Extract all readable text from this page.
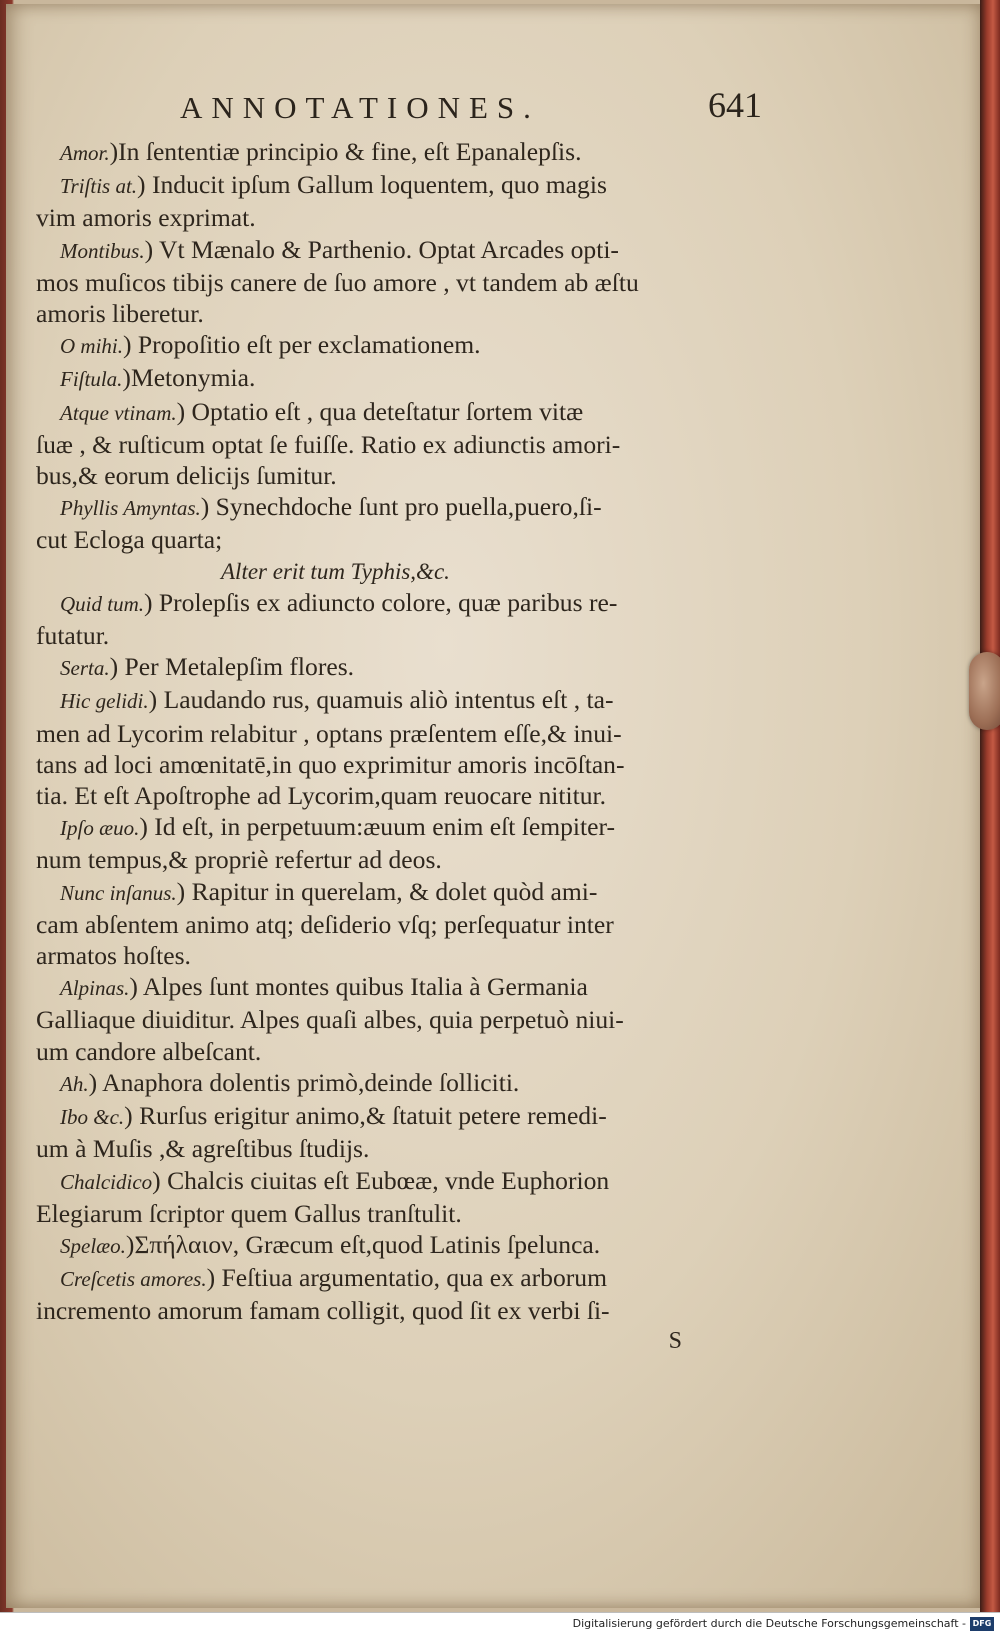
ANNOTATIONES.	641
Amor.)In ſententiæ principio & fine, eſt Epanalepſis.
Triſtis at.) Inducit ipſum Gallum loquentem, quo magis
vim amoris exprimat.
Montibus.) Vt Mænalo & Parthenio. Optat Arcades opti-
mos muſicos tibijs canere de ſuo amore , vt tandem ab æſtu
amoris liberetur.
O mihi.) Propoſitio eſt per exclamationem.
Fiſtula.)Metonymia.
Atque vtinam.) Optatio eſt , qua deteſtatur ſortem vitæ
ſuæ , & ruſticum optat ſe fuiſſe. Ratio ex adiunctis amori-
bus,& eorum delicijs ſumitur.
Phyllis Amyntas.) Synechdoche ſunt pro puella,puero,ſi-
cut Ecloga quarta;
Alter erit tum Typhis,&c.
Quid tum.) Prolepſis ex adiuncto colore, quæ paribus re-
futatur.
Serta.) Per Metalepſim flores.
Hic gelidi.) Laudando rus, quamuis aliò intentus eſt , ta-
men ad Lycorim relabitur , optans præſentem eſſe,& inui-
tans ad loci amœnitatē,in quo exprimitur amoris incōſtan-
tia. Et eſt Apoſtrophe ad Lycorim,quam reuocare nititur.
Ipſo æuo.) Id eſt, in perpetuum:æuum enim eſt ſempiter-
num tempus,& propriè refertur ad deos.
Nunc inſanus.) Rapitur in querelam, & dolet quòd ami-
cam abſentem animo atq; deſiderio vſq; perſequatur inter
armatos hoſtes.
Alpinas.) Alpes ſunt montes quibus Italia à Germania
Galliaque diuiditur. Alpes quaſi albes, quia perpetuò niui-
um candore albeſcant.
Ah.) Anaphora dolentis primò,deinde ſolliciti.
Ibo &c.) Rurſus erigitur animo,& ſtatuit petere remedi-
um à Muſis ,& agreſtibus ſtudijs.
Chalcidico) Chalcis ciuitas eſt Eubœæ, vnde Euphorion
Elegiarum ſcriptor quem Gallus tranſtulit.
Spelæo.)Σπήλαιον, Græcum eſt,quod Latinis ſpelunca.
Creſcetis amores.) Feſtiua argumentatio, qua ex arborum
incremento amorum famam colligit, quod ſit ex verbi ſi-
S
Digitalisierung gefördert durch die Deutsche Forschungsgemeinschaft - DFG
